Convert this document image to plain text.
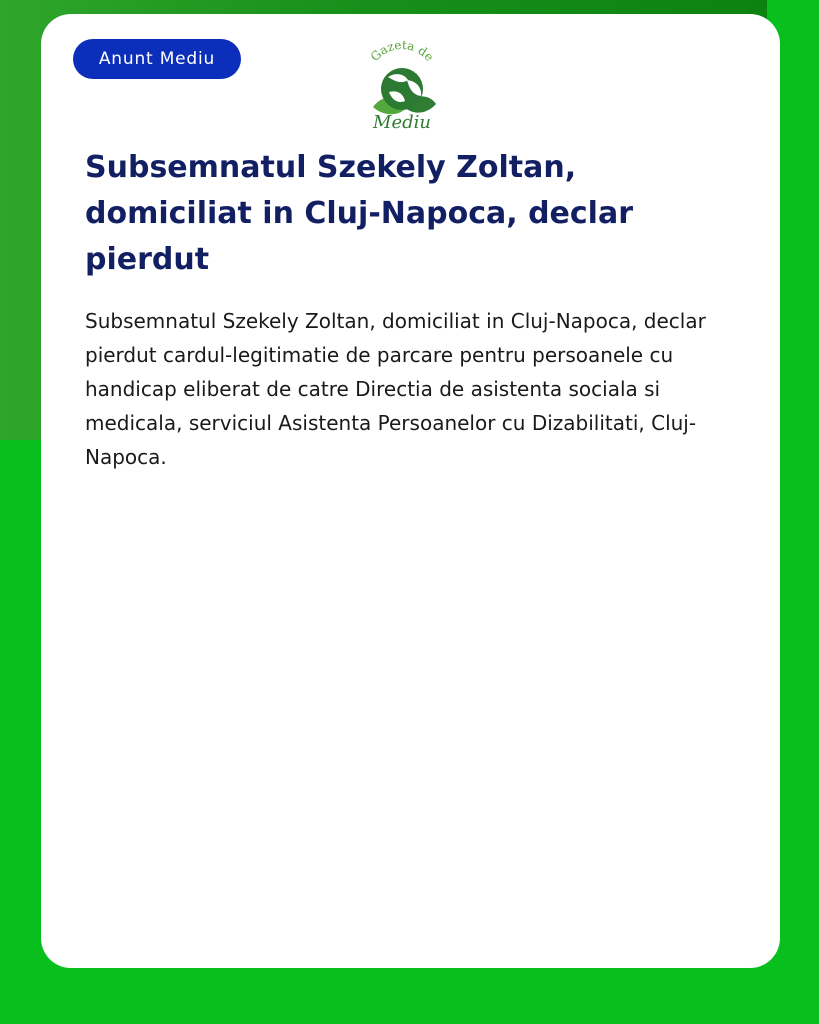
Anunt Mediu	Gazeta de
Mediu
Subsemnatul Szekely Zoltan, domiciliat in Cluj-Napoca, declar pierdut

Subsemnatul Szekely Zoltan, domiciliat in Cluj-Napoca, declar pierdut cardul-legitimatie de parcare pentru persoanele cu handicap eliberat de catre Directia de asistenta sociala si medicala, serviciul Asistenta Persoanelor cu Dizabilitati, Cluj-Napoca.
